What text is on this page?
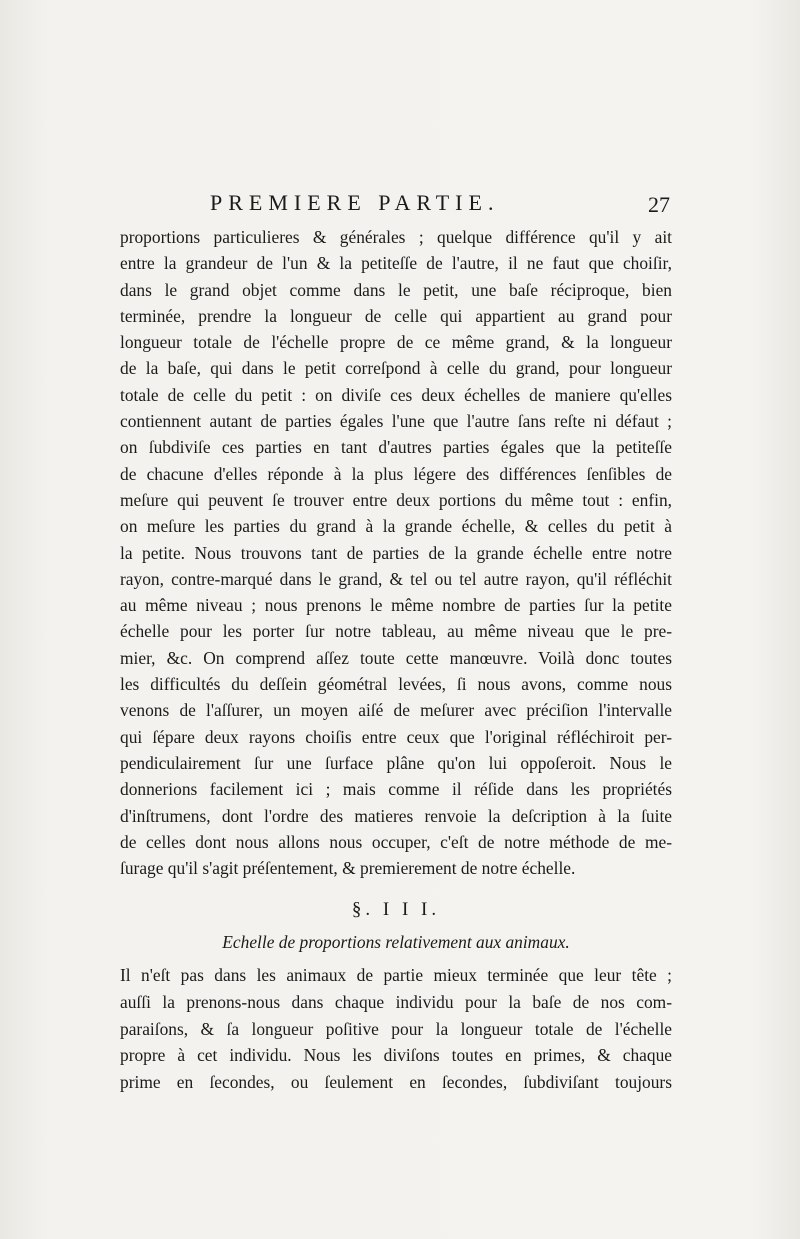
PREMIERE PARTIE.	27
proportions particulieres & générales ; quelque différence qu'il y ait
entre la grandeur de l'un & la petiteſſe de l'autre, il ne faut que choiſir,
dans le grand objet comme dans le petit, une baſe réciproque, bien
terminée, prendre la longueur de celle qui appartient au grand pour
longueur totale de l'échelle propre de ce même grand, & la longueur
de la baſe, qui dans le petit correſpond à celle du grand, pour longueur
totale de celle du petit : on diviſe ces deux échelles de maniere qu'elles
contiennent autant de parties égales l'une que l'autre ſans reſte ni défaut ;
on ſubdiviſe ces parties en tant d'autres parties égales que la petiteſſe
de chacune d'elles réponde à la plus légere des différences ſenſibles de
meſure qui peuvent ſe trouver entre deux portions du même tout : enfin,
on meſure les parties du grand à la grande échelle, & celles du petit à
la petite. Nous trouvons tant de parties de la grande échelle entre notre
rayon, contre-marqué dans le grand, & tel ou tel autre rayon, qu'il réfléchit
au même niveau ; nous prenons le même nombre de parties ſur la petite
échelle pour les porter ſur notre tableau, au même niveau que le pre-
mier, &c. On comprend aſſez toute cette manœuvre. Voilà donc toutes
les difficultés du deſſein géométral levées, ſi nous avons, comme nous
venons de l'aſſurer, un moyen aiſé de meſurer avec préciſion l'intervalle
qui ſépare deux rayons choiſis entre ceux que l'original réfléchiroit per-
pendiculairement ſur une ſurface plâne qu'on lui oppoſeroit. Nous le
donnerions facilement ici ; mais comme il réſide dans les propriétés
d'inſtrumens, dont l'ordre des matieres renvoie la deſcription à la ſuite
de celles dont nous allons nous occuper, c'eſt de notre méthode de me-
ſurage qu'il s'agit préſentement, & premierement de notre échelle.
§. I I I.
Echelle de proportions relativement aux animaux.
Il n'eſt pas dans les animaux de partie mieux terminée que leur tête ;
auſſi la prenons-nous dans chaque individu pour la baſe de nos com-
paraiſons, & ſa longueur poſitive pour la longueur totale de l'échelle
propre à cet individu. Nous les diviſons toutes en primes, & chaque
prime en ſecondes, ou ſeulement en ſecondes, ſubdiviſant toujours
